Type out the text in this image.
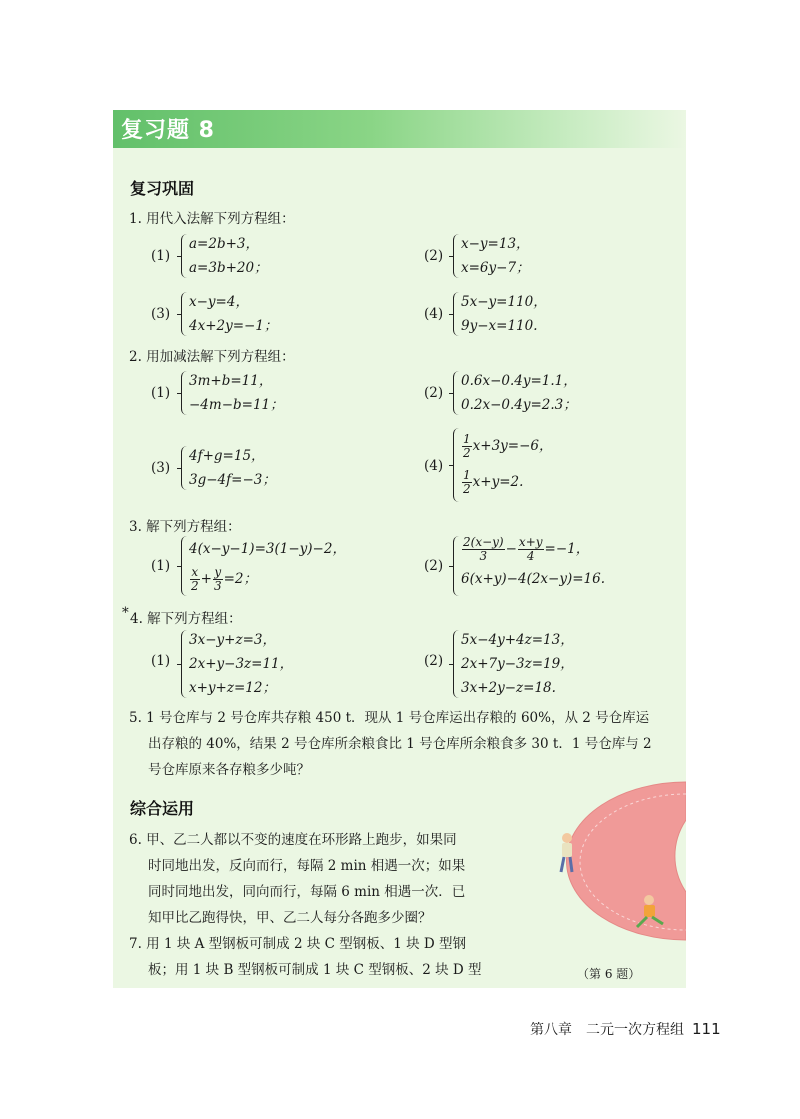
复习题 8
复习巩固
1. 用代入法解下列方程组：
(1)
a=2b+3，
a=3b+20；
(2)
x−y=13，
x=6y−7；
(3)
x−y=4，
4x+2y=−1；
(4)
5x−y=110，
9y−x=110.
2. 用加减法解下列方程组：
(1)
3m+b=11，
−4m−b=11；
(2)
0.6x−0.4y=1.1，
0.2x−0.4y=2.3；
(3)
4f+g=15，
3g−4f=−3；
(4)
$\frac{1}{2} x+3y=-6$，
$\frac{1}{2} x+y=2$.
3. 解下列方程组：
(1)
4(x−y−1)=3(1−y)−2，
$\frac{x}{2} + \frac{y}{3} =2$；
(2)
$\frac{2(x-y)}{3} - \frac{x+y}{4} =-1$，
6(x+y)−4(2x−y)=16.
* 4. 解下列方程组：
(1)
3x−y+z=3，
2x+y−3z=11，
x+y+z=12；
(2)
5x−4y+4z=13，
2x+7y−3z=19，
3x+2y−z=18.
5. 1 号仓库与 2 号仓库共存粮 450 t．现从 1 号仓库运出存粮的 60%，从 2 号仓库运
出存粮的 40%，结果 2 号仓库所余粮食比 1 号仓库所余粮食多 30 t．1 号仓库与 2
号仓库原来各存粮多少吨？
综合运用
6. 甲、乙二人都以不变的速度在环形路上跑步，如果同
时同地出发，反向而行，每隔 2 min 相遇一次；如果
同时同地出发，同向而行，每隔 6 min 相遇一次．已
知甲比乙跑得快，甲、乙二人每分各跑多少圈？
7. 用 1 块 A 型钢板可制成 2 块 C 型钢板、1 块 D 型钢
板；用 1 块 B 型钢板可制成 1 块 C 型钢板、2 块 D 型	（第 6 题）
第八章　二元一次方程组 111
